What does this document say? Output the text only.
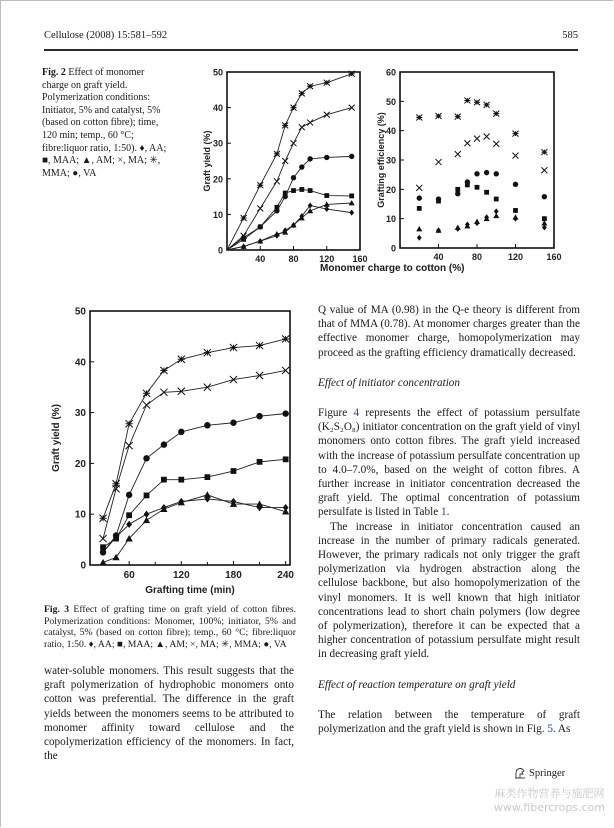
Cellulose (2008) 15:581–592	585
Fig. 2 Effect of monomer charge on graft yield. Polymerization conditions: Initiator, 5% and catalyst, 5% (based on cotton fibre); time, 120 min; temp., 60 °C; fibre:liquor ratio, 1:50). ♦, AA; ■, MAA; ▲, AM; ×, MA; ✳, MMA; ●, VA
0
10
20
30
40
50
40	80 120 160
Graft yield (%)
0
10
20
30
40
50
60
40	80	120	160
Grafting efficiency (%)
Monomer charge to cotton (%)
0
10
20
30
40
50
60	120	180	240
Graft yield (%)
Grafting time (min)
Fig. 3 Effect of grafting time on graft yield of cotton fibres. Polymerization conditions: Monomer, 100%; initiator, 5% and catalyst, 5% (based on cotton fibre); temp., 60 °C; fibre:liquor ratio, 1:50. ♦, AA; ■, MAA; ▲, AM; ×, MA; ✳, MMA; ●, VA

water-soluble monomers. This result suggests that the graft polymerization of hydrophobic monomers onto cotton was preferential. The difference in the graft yields between the monomers seems to be attributed to monomer affinity toward cellulose and the copolymerization efficiency of the monomers. In fact, the

Q value of MA (0.98) in the Q-e theory is different from that of MMA (0.78). At monomer charges greater than the effective monomer charge, homopolymerization may proceed as the grafting efficiency dramatically decreased.

Effect of initiator concentration

Figure 4 represents the effect of potassium persulfate (K₂S₂O₈) initiator concentration on the graft yield of vinyl monomers onto cotton fibres. The graft yield increased with the increase of potassium persulfate concentration up to 4.0–7.0%, based on the weight of cotton fibres. A further increase in initiator concentration decreased the graft yield. The optimal concentration of potassium persulfate is listed in Table 1.

The increase in initiator concentration caused an increase in the number of primary radicals generated. However, the primary radicals not only trigger the graft polymerization via hydrogen abstraction along the cellulose backbone, but also homopolymerization of the vinyl monomers. It is well known that high initiator concentrations lead to short chain polymers (low degree of polymerization), therefore it can be expected that a higher concentration of potassium persulfate might result in decreasing graft yield.

Effect of reaction temperature on graft yield

The relation between the temperature of graft polymerization and the graft yield is shown in Fig. 5. As

Springer
麻类作物营养与施肥网
www.fibercrops.com
